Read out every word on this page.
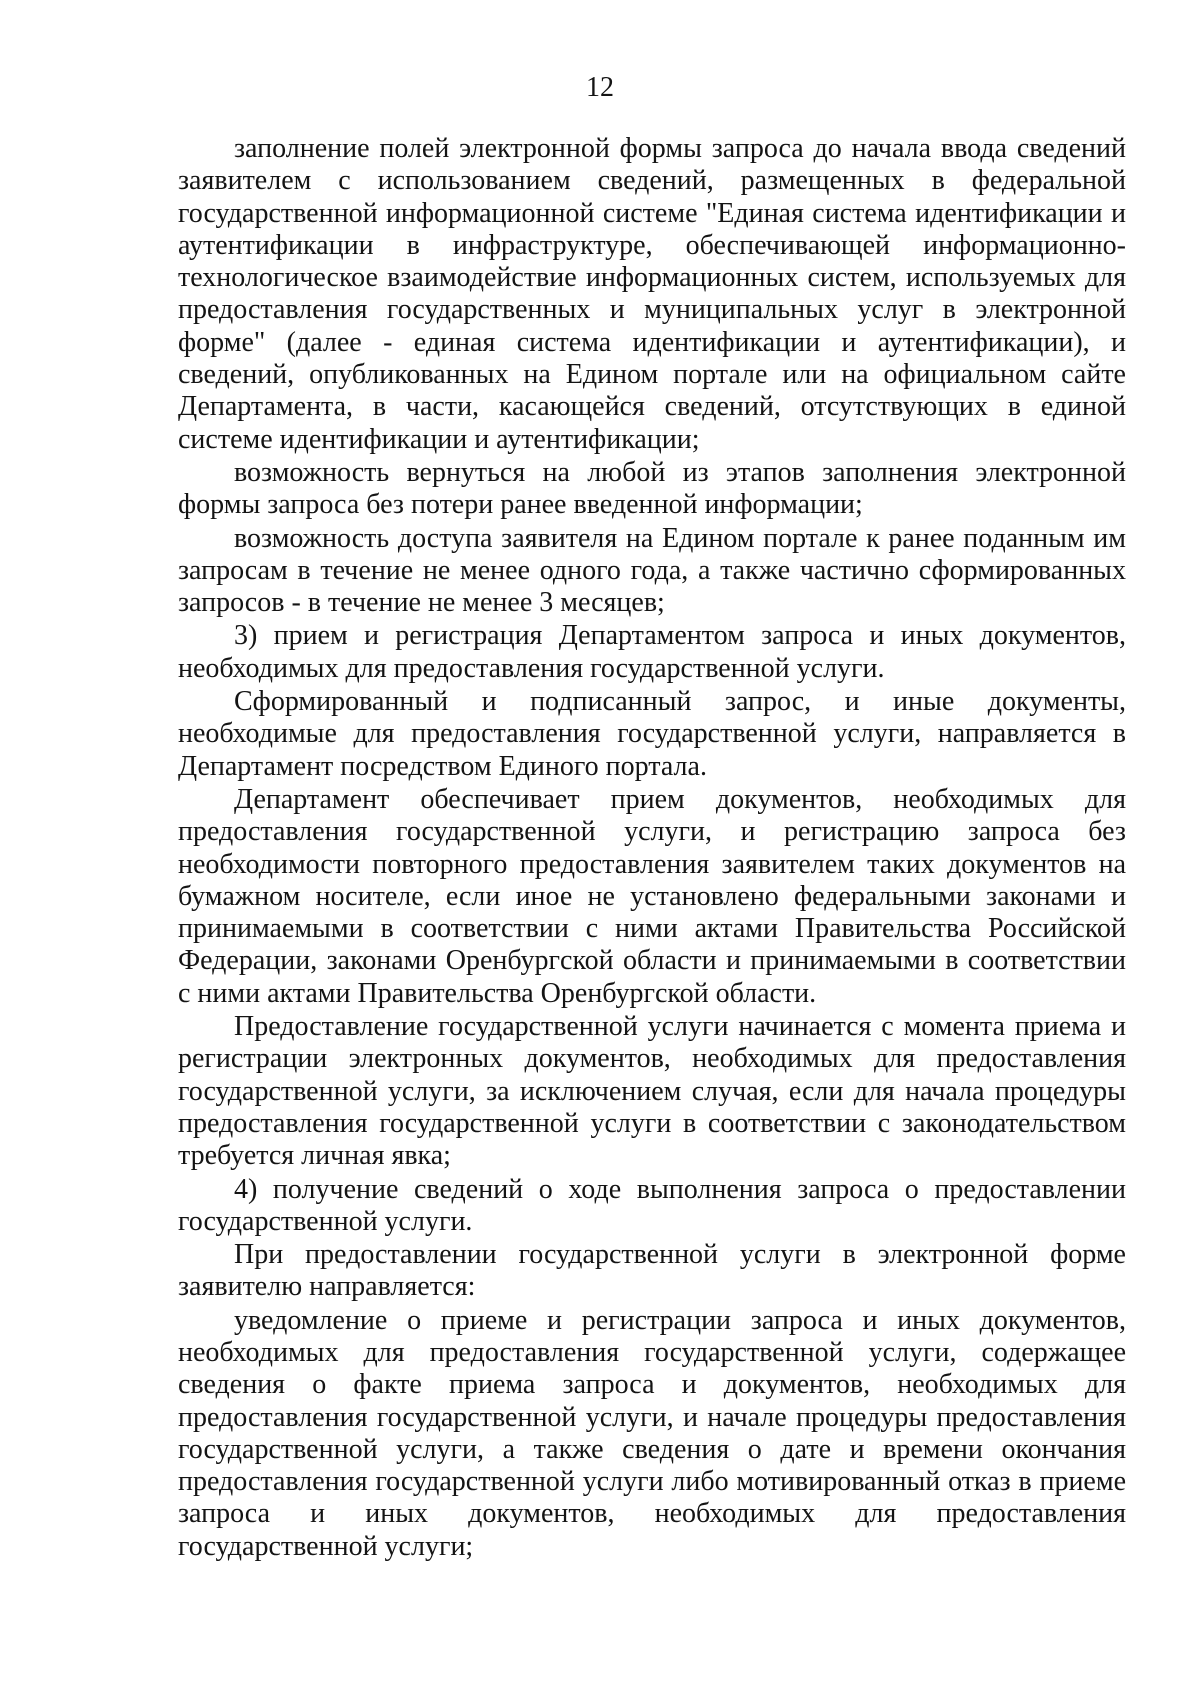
12

заполнение полей электронной формы запроса до начала ввода сведений заявителем с использованием сведений, размещенных в федеральной государственной информационной системе "Единая система идентификации и аутентификации в инфраструктуре, обеспечивающей информационно-технологическое взаимодействие информационных систем, используемых для предоставления государственных и муниципальных услуг в электронной форме" (далее - единая система идентификации и аутентификации), и сведений, опубликованных на Едином портале или на официальном сайте Департамента, в части, касающейся сведений, отсутствующих в единой системе идентификации и аутентификации;

возможность вернуться на любой из этапов заполнения электронной формы запроса без потери ранее введенной информации;

возможность доступа заявителя на Едином портале к ранее поданным им запросам в течение не менее одного года, а также частично сформированных запросов - в течение не менее 3 месяцев;

3) прием и регистрация Департаментом запроса и иных документов, необходимых для предоставления государственной услуги.

Сформированный и подписанный запрос, и иные документы, необходимые для предоставления государственной услуги, направляется в Департамент посредством Единого портала.

Департамент обеспечивает прием документов, необходимых для предоставления государственной услуги, и регистрацию запроса без необходимости повторного предоставления заявителем таких документов на бумажном носителе, если иное не установлено федеральными законами и принимаемыми в соответствии с ними актами Правительства Российской Федерации, законами Оренбургской области и принимаемыми в соответствии с ними актами Правительства Оренбургской области.

Предоставление государственной услуги начинается с момента приема и регистрации электронных документов, необходимых для предоставления государственной услуги, за исключением случая, если для начала процедуры предоставления государственной услуги в соответствии с законодательством требуется личная явка;

4) получение сведений о ходе выполнения запроса о предоставлении государственной услуги.

При предоставлении государственной услуги в электронной форме заявителю направляется:

уведомление о приеме и регистрации запроса и иных документов, необходимых для предоставления государственной услуги, содержащее сведения о факте приема запроса и документов, необходимых для предоставления государственной услуги, и начале процедуры предоставления государственной услуги, а также сведения о дате и времени окончания предоставления государственной услуги либо мотивированный отказ в приеме запроса и иных документов, необходимых для предоставления государственной услуги;
